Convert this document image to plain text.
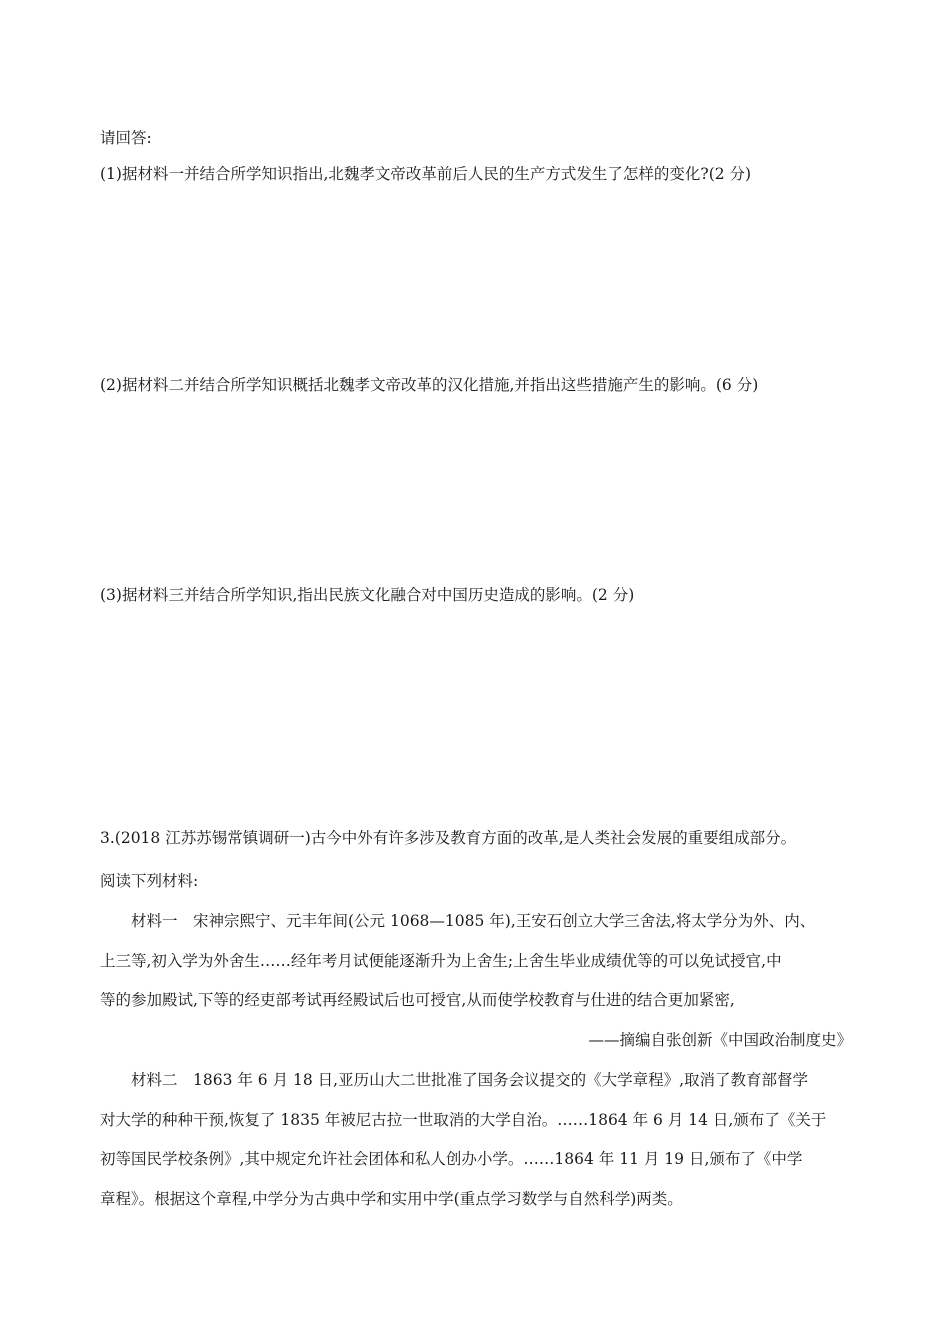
请回答:
(1)据材料一并结合所学知识指出,北魏孝文帝改革前后人民的生产方式发生了怎样的变化?(2 分)
(2)据材料二并结合所学知识概括北魏孝文帝改革的汉化措施,并指出这些措施产生的影响。(6 分)
(3)据材料三并结合所学知识,指出民族文化融合对中国历史造成的影响。(2 分)
3.(2018 江苏苏锡常镇调研一)古今中外有许多涉及教育方面的改革,是人类社会发展的重要组成部分。
阅读下列材料:
材料一　宋神宗熙宁、元丰年间(公元 1068—1085 年),王安石创立大学三舍法,将太学分为外、内、
上三等,初入学为外舍生……经年考月试便能逐渐升为上舍生;上舍生毕业成绩优等的可以免试授官,中
等的参加殿试,下等的经吏部考试再经殿试后也可授官,从而使学校教育与仕进的结合更加紧密,
——摘编自张创新《中国政治制度史》
材料二　1863 年 6 月 18 日,亚历山大二世批准了国务会议提交的《大学章程》,取消了教育部督学
对大学的种种干预,恢复了 1835 年被尼古拉一世取消的大学自治。……1864 年 6 月 14 日,颁布了《关于
初等国民学校条例》,其中规定允许社会团体和私人创办小学。……1864 年 11 月 19 日,颁布了《中学
章程》。根据这个章程,中学分为古典中学和实用中学(重点学习数学与自然科学)两类。
